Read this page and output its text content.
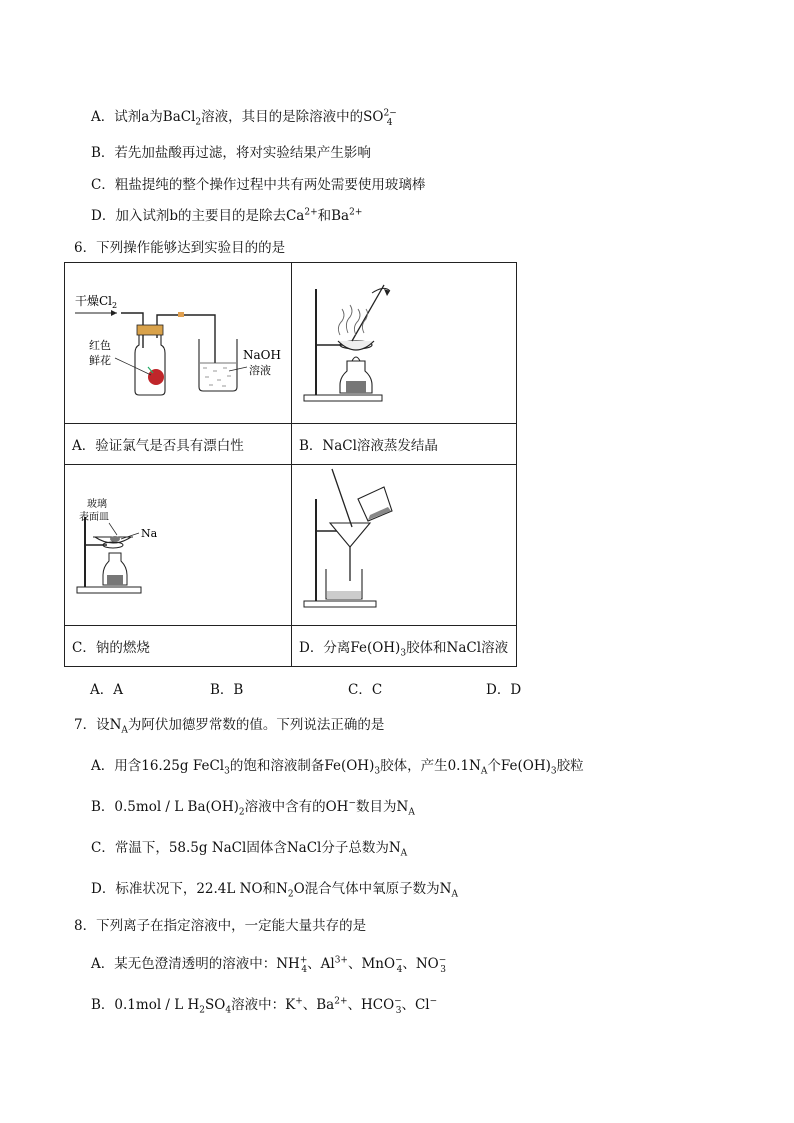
A．试剂a为BaCl$_2$溶液，其目的是除溶液中的$SO^{2-}_4$
B．若先加盐酸再过滤，将对实验结果产生影响
C．粗盐提纯的整个操作过程中共有两处需要使用玻璃棒
D．加入试剂b的主要目的是除去$Ca^{2+}$和$Ba^{2+}$
6．下列操作能够达到实验目的的是
干燥$Cl_2$
红色
鲜花 NaOH
溶液

A．验证氯气是否具有漂白性	B．NaCl溶液蒸发结晶

玻璃
表面皿
Na

C．钠的燃烧	D．分离$Fe(OH)_3$胶体和NaCl溶液
A．A	B．B	C．C	D．D
7．设$N_A$为阿伏加德罗常数的值。下列说法正确的是
A．用含16.25g FeCl$_3$的饱和溶液制备$Fe(OH)_3$胶体，产生$0.1N_A$个$Fe(OH)_3$胶粒
B．0.5mol / L $Ba(OH)_2$溶液中含有的OH−数目为$N_A$
C．常温下，58.5g NaCl固体含NaCl分子总数为$N_A$
D．标准状况下，22.4L NO和$N_2O$混合气体中氧原子数为$N_A$
8．下列离子在指定溶液中，一定能大量共存的是
A．某无色澄清透明的溶液中：$NH^+_4$、$Al^{3+}$、MnO−$_4$、$NO^-_3$
B．0.1mol / L $H_2SO_4$溶液中：K+、$Ba^{2+}$、$HCO^-_3$、Cl−
